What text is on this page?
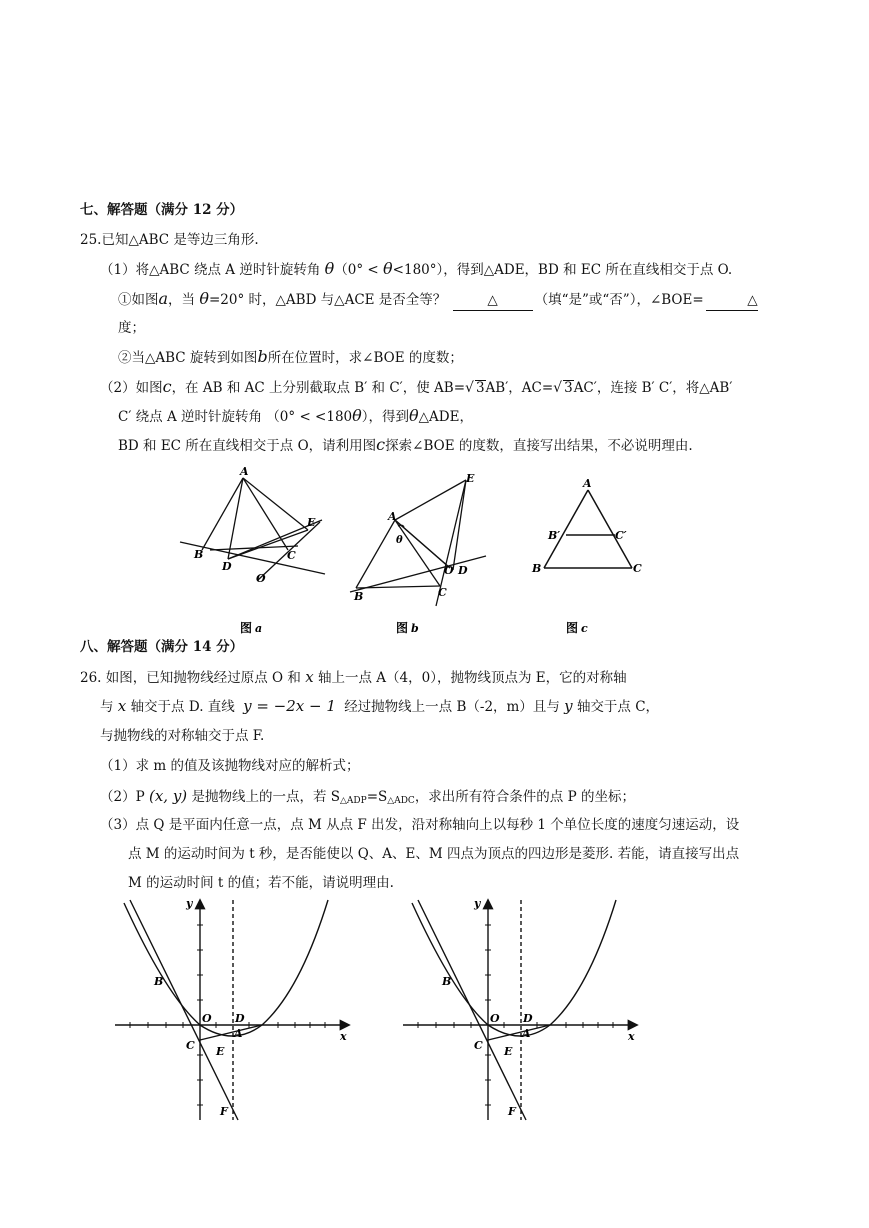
七、解答题（满分 12 分）
25.已知△ABC 是等边三角形.
（1）将△ABC 绕点 A 逆时针旋转角 θ（0° < θ<180°），得到△ADE，BD 和 EC 所在直线相交于点 O.
①如图a，当 θ=20° 时，△ABD 与△ACE 是否全等？	△	（填“是”或“否”），∠BOE=	△
度；
②当△ABC 旋转到如图b所在位置时，求∠BOE 的度数；
（2）如图c，在 AB 和 AC 上分别截取点 B′ 和 C′，使 AB=√ 3AB′，AC=√ 3AC′，连接 B′ C′，将△AB′
C′ 绕点 A 逆时针旋转角 （0° < <180θ），得到θ△ADE，
BD 和 EC 所在直线相交于点 O，请利用图c探索∠BOE 的度数，直接写出结果，不必说明理由.
A
B	C
D
E
O
图 a
A
θ
B	C
D
E
O
图 b
A
B′	C′
B	C
图 c
八、解答题（满分 14 分）
26. 如图，已知抛物线经过原点 O 和 x 轴上一点 A（4，0），抛物线顶点为 E，它的对称轴
与 x 轴交于点 D. 直线 y = −2x − 1 经过抛物线上一点 B（-2，m）且与 y 轴交于点 C，
与抛物线的对称轴交于点 F.
（1）求 m 的值及该抛物线对应的解析式；
（2）P (x, y) 是抛物线上的一点，若 $S_{\triangle ADP}=S_{\triangle ADC}$，求出所有符合条件的点 P 的坐标；
（3）点 Q 是平面内任意一点，点 M 从点 F 出发，沿对称轴向上以每秒 1 个单位长度的速度匀速运动，设
点 M 的运动时间为 t 秒，是否能使以 Q、A、E、M 四点为顶点的四边形是菱形. 若能，请直接写出点
M 的运动时间 t 的值；若不能，请说明理由.
y
x
O D
A
B
C E
F
y
x
O D
A
B
C E
F
